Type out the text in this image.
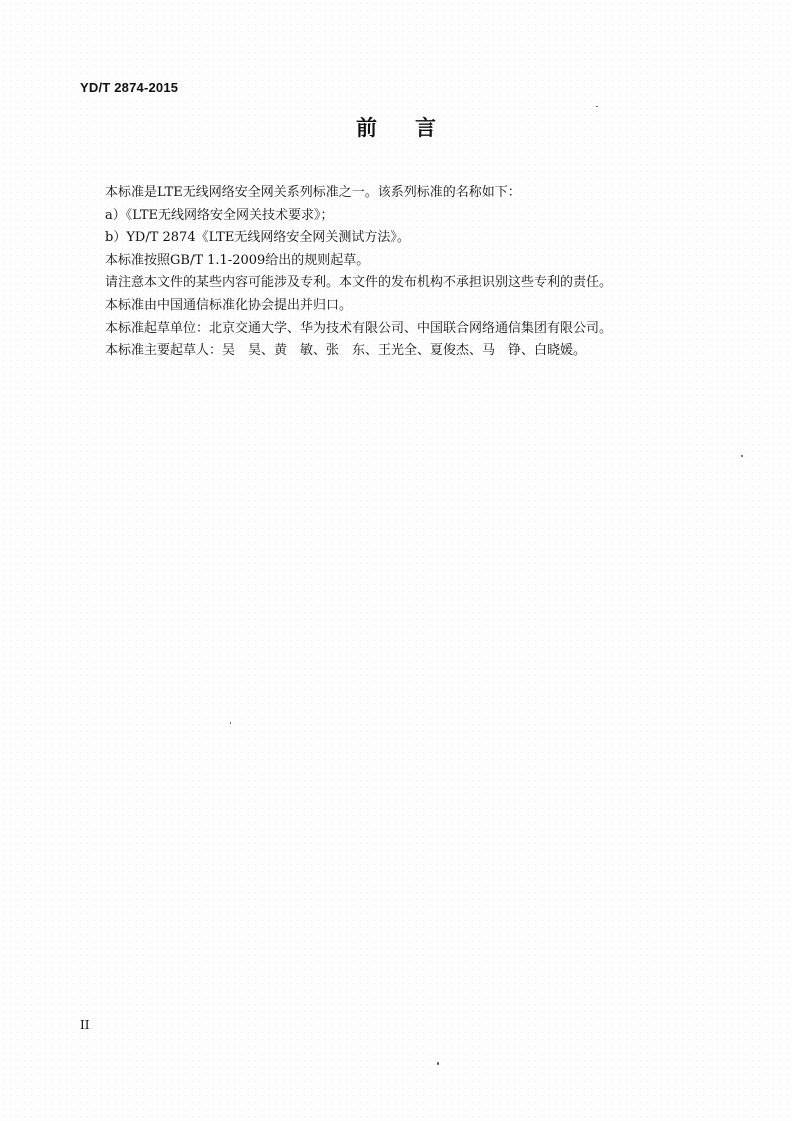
YD/T 2874-2015
前言
本标准是LTE无线网络安全网关系列标准之一。该系列标准的名称如下：
a）《LTE无线网络安全网关技术要求》；
b）YD/T 2874《LTE无线网络安全网关测试方法》。
本标准按照GB/T 1.1-2009给出的规则起草。
请注意本文件的某些内容可能涉及专利。本文件的发布机构不承担识别这些专利的责任。
本标准由中国通信标准化协会提出并归口。
本标准起草单位：北京交通大学、华为技术有限公司、中国联合网络通信集团有限公司。
本标准主要起草人：吴　昊、黄　敏、张　东、王光全、夏俊杰、马　铮、白晓媛。
II
